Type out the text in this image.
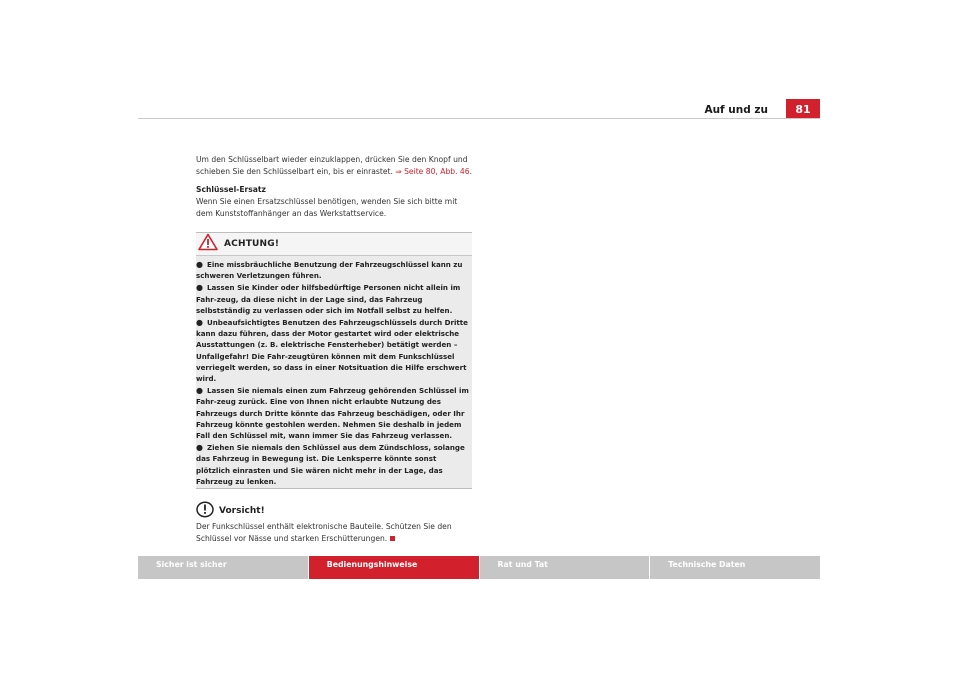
Auf und zu	81

Um den Schlüsselbart wieder einzuklappen, drücken Sie den Knopf und schieben Sie den Schlüsselbart ein, bis er einrastet. ⇒ Seite 80, Abb. 46.

Schlüssel-Ersatz

Wenn Sie einen Ersatzschlüssel benötigen, wenden Sie sich bitte mit dem Kunststoffanhänger an das Werkstattservice.

ACHTUNG!
● Eine missbräuchliche Benutzung der Fahrzeugschlüssel kann zu schweren Verletzungen führen.
● Lassen Sie Kinder oder hilfsbedürftige Personen nicht allein im Fahr-zeug, da diese nicht in der Lage sind, das Fahrzeug selbstständig zu verlassen oder sich im Notfall selbst zu helfen.
● Unbeaufsichtigtes Benutzen des Fahrzeugschlüssels durch Dritte kann dazu führen, dass der Motor gestartet wird oder elektrische Ausstattungen (z. B. elektrische Fensterheber) betätigt werden – Unfallgefahr! Die Fahr-zeugtüren können mit dem Funkschlüssel verriegelt werden, so dass in einer Notsituation die Hilfe erschwert wird.
● Lassen Sie niemals einen zum Fahrzeug gehörenden Schlüssel im Fahr-zeug zurück. Eine von Ihnen nicht erlaubte Nutzung des Fahrzeugs durch Dritte könnte das Fahrzeug beschädigen, oder Ihr Fahrzeug könnte gestohlen werden. Nehmen Sie deshalb in jedem Fall den Schlüssel mit, wann immer Sie das Fahrzeug verlassen.
● Ziehen Sie niemals den Schlüssel aus dem Zündschloss, solange das Fahrzeug in Bewegung ist. Die Lenksperre könnte sonst plötzlich einrasten und Sie wären nicht mehr in der Lage, das Fahrzeug zu lenken.
Vorsicht!

Der Funkschlüssel enthält elektronische Bauteile. Schützen Sie den Schlüssel vor Nässe und starken Erschütterungen.

Sicher ist sicher	Bedienungshinweise	Rat und Tat	Technische Daten
